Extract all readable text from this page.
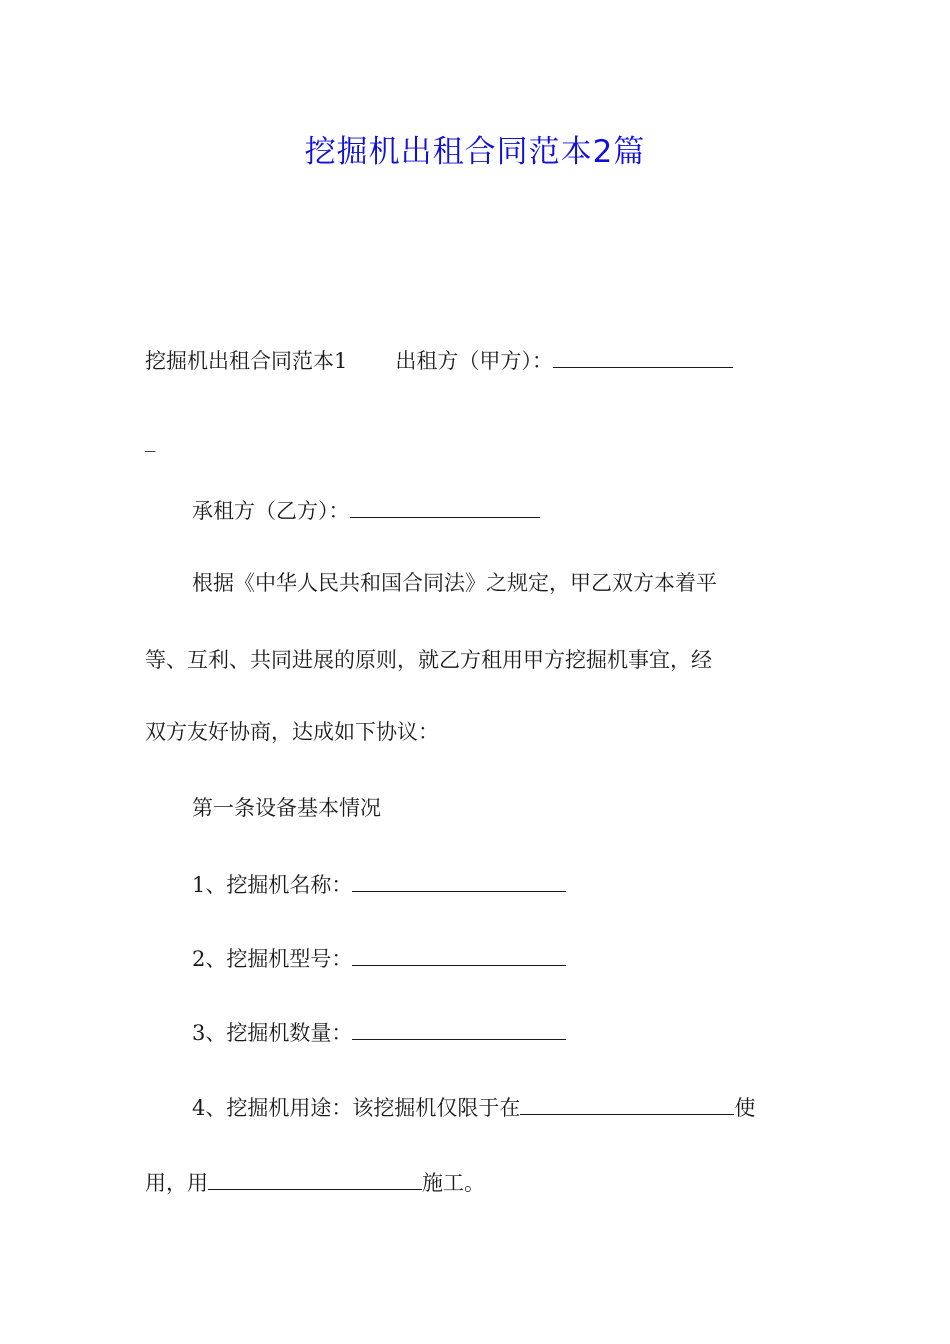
挖掘机出租合同范本2篇
挖掘机出租合同范本1 出租方（甲方）：
_
承租方（乙方）：
根据《中华人民共和国合同法》之规定，甲乙双方本着平
等、互利、共同进展的原则，就乙方租用甲方挖掘机事宜，经
双方友好协商，达成如下协议：
第一条设备基本情况
1、挖掘机名称：
2、挖掘机型号：
3、挖掘机数量：
4、挖掘机用途：该挖掘机仅限于在	使
用，用	施工。
